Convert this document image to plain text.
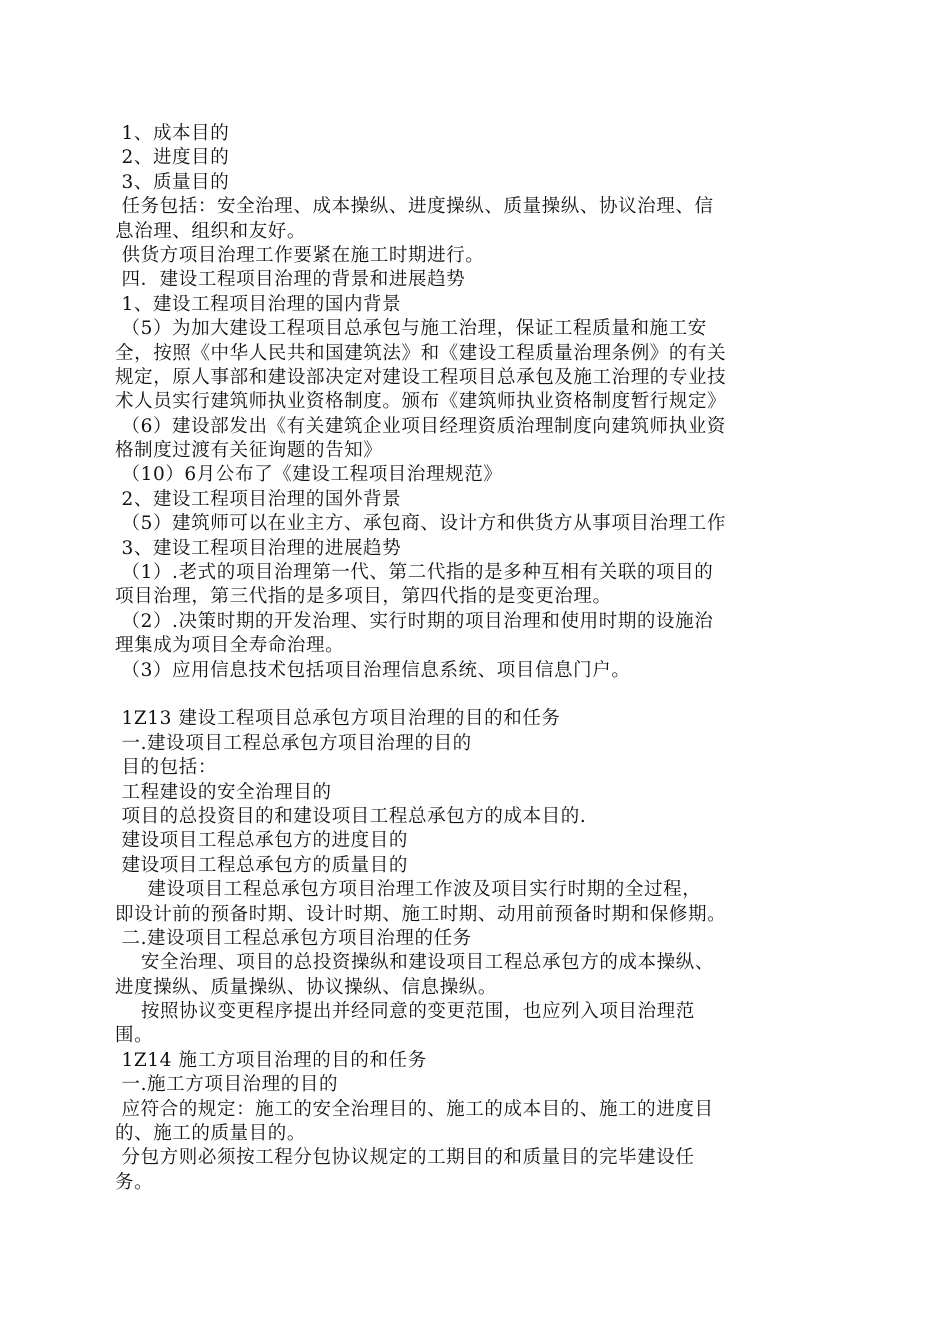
1、成本目的
2、进度目的
3、质量目的
任务包括：安全治理、成本操纵、进度操纵、质量操纵、协议治理、信
息治理、组织和友好。
供货方项目治理工作要紧在施工时期进行。
四．建设工程项目治理的背景和进展趋势
1、建设工程项目治理的国内背景
（5）为加大建设工程项目总承包与施工治理，保证工程质量和施工安
全，按照《中华人民共和国建筑法》和《建设工程质量治理条例》的有关
规定，原人事部和建设部决定对建设工程项目总承包及施工治理的专业技
术人员实行建筑师执业资格制度。颁布《建筑师执业资格制度暂行规定》
（6）建设部发出《有关建筑企业项目经理资质治理制度向建筑师执业资
格制度过渡有关征询题的告知》
（10）6月公布了《建设工程项目治理规范》
2、建设工程项目治理的国外背景
（5）建筑师可以在业主方、承包商、设计方和供货方从事项目治理工作
3、建设工程项目治理的进展趋势
（1）.老式的项目治理第一代、第二代指的是多种互相有关联的项目的
项目治理，第三代指的是多项目，第四代指的是变更治理。
（2）.决策时期的开发治理、实行时期的项目治理和使用时期的设施治
理集成为项目全寿命治理。
（3）应用信息技术包括项目治理信息系统、项目信息门户。
1Z13 建设工程项目总承包方项目治理的目的和任务
一.建设项目工程总承包方项目治理的目的
目的包括：
工程建设的安全治理目的
项目的总投资目的和建设项目工程总承包方的成本目的.
建设项目工程总承包方的进度目的
建设项目工程总承包方的质量目的
建设项目工程总承包方项目治理工作波及项目实行时期的全过程，
即设计前的预备时期、设计时期、施工时期、动用前预备时期和保修期。
二.建设项目工程总承包方项目治理的任务
安全治理、项目的总投资操纵和建设项目工程总承包方的成本操纵、
进度操纵、质量操纵、协议操纵、信息操纵。
按照协议变更程序提出并经同意的变更范围，也应列入项目治理范
围。
1Z14 施工方项目治理的目的和任务
一.施工方项目治理的目的
应符合的规定：施工的安全治理目的、施工的成本目的、施工的进度目
的、施工的质量目的。
分包方则必须按工程分包协议规定的工期目的和质量目的完毕建设任
务。
